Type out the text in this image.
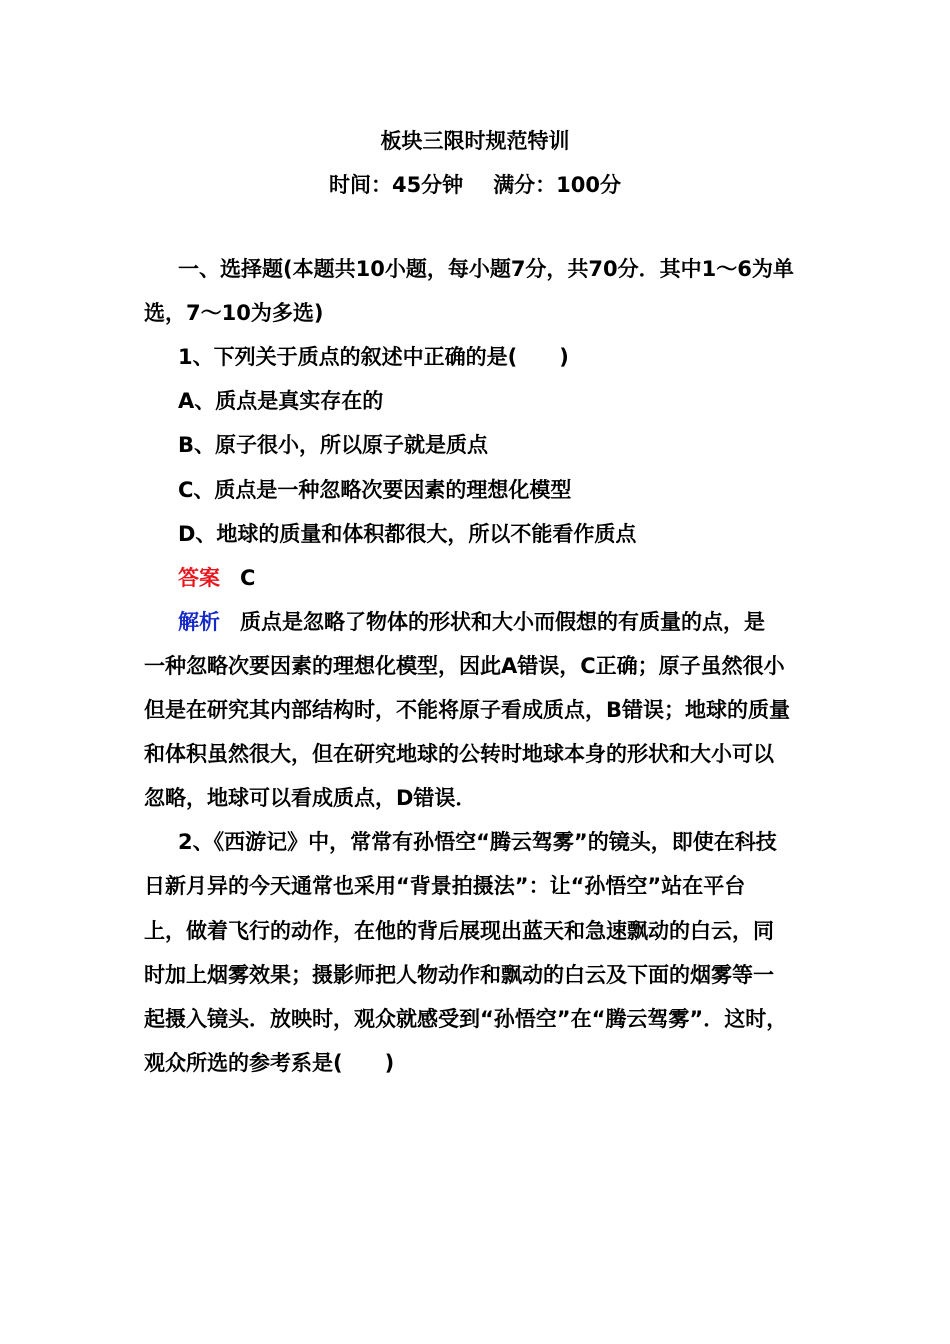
板块三限时规范特训
时间：45分钟 满分：100分
一、选择题(本题共10小题，每小题7分，共70分．其中1～6为单
选，7～10为多选)
1、下列关于质点的叙述中正确的是(　　)
A、质点是真实存在的
B、原子很小，所以原子就是质点
C、质点是一种忽略次要因素的理想化模型
D、地球的质量和体积都很大，所以不能看作质点
答案 C
解析 质点是忽略了物体的形状和大小而假想的有质量的点，是
一种忽略次要因素的理想化模型，因此A错误，C正确；原子虽然很小
但是在研究其内部结构时，不能将原子看成质点，B错误；地球的质量
和体积虽然很大，但在研究地球的公转时地球本身的形状和大小可以
忽略，地球可以看成质点，D错误．
2、《西游记》中，常常有孙悟空“腾云驾雾”的镜头，即使在科技
日新月异的今天通常也采用“背景拍摄法”：让“孙悟空”站在平台
上，做着飞行的动作，在他的背后展现出蓝天和急速飘动的白云，同
时加上烟雾效果；摄影师把人物动作和飘动的白云及下面的烟雾等一
起摄入镜头．放映时，观众就感受到“孙悟空”在“腾云驾雾”．这时，
观众所选的参考系是(　　)
